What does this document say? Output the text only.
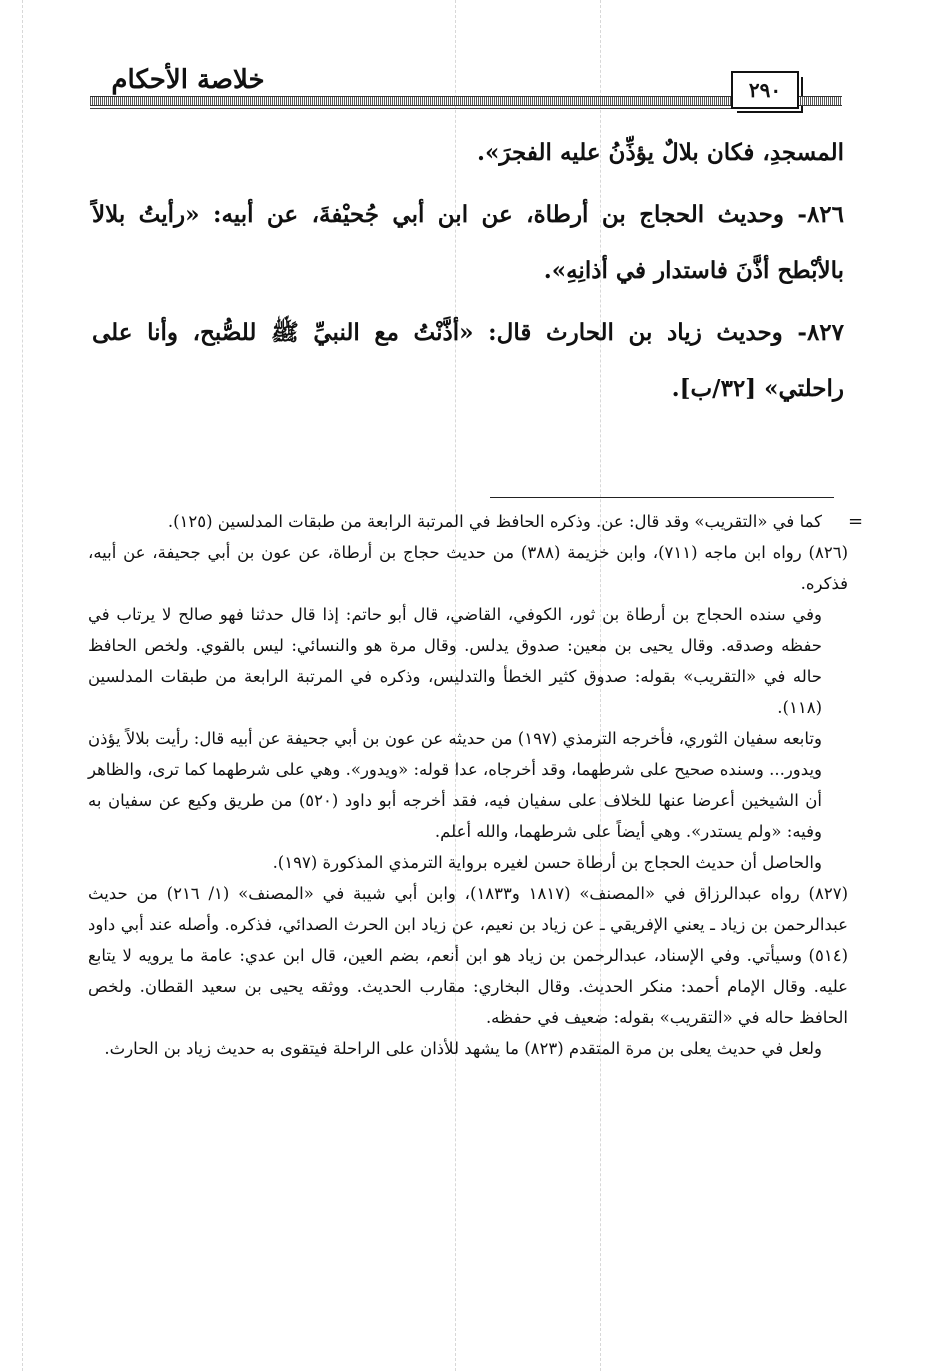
خلاصة الأحكام	٢٩٠

المسجدِ، فكان بلالٌ يؤذِّنُ عليه الفجرَ».

٨٢٦- وحديث الحجاج بن أرطاة، عن ابن أبي جُحيْفةَ، عن أبيه: «رأيتُ بلالاً بالأبْطح أذَّنَ فاستدار في أذانِهِ».

٨٢٧- وحديث زياد بن الحارث قال: «أذَّنْتُ مع النبيِّ ﷺ للصُّبح، وأنا على راحلتي» [٣٢/ب].

=

كما في «التقريب» وقد قال: عن. وذكره الحافظ في المرتبة الرابعة من طبقات المدلسين (١٢٥).

(٨٢٦) رواه ابن ماجه (٧١١)، وابن خزيمة (٣٨٨) من حديث حجاج بن أرطاة، عن عون بن أبي جحيفة، عن أبيه، فذكره.

وفي سنده الحجاج بن أرطاة بن ثور، الكوفي، القاضي، قال أبو حاتم: إذا قال حدثنا فهو صالح لا يرتاب في حفظه وصدقه. وقال يحيى بن معين: صدوق يدلس. وقال مرة هو والنسائي: ليس بالقوي. ولخص الحافظ حاله في «التقريب» بقوله: صدوق كثير الخطأ والتدليس، وذكره في المرتبة الرابعة من طبقات المدلسين (١١٨).

وتابعه سفيان الثوري، فأخرجه الترمذي (١٩٧) من حديثه عن عون بن أبي جحيفة عن أبيه قال: رأيت بلالاً يؤذن ويدور... وسنده صحيح على شرطهما، وقد أخرجاه، عدا قوله: «ويدور». وهي على شرطهما كما ترى، والظاهر أن الشيخين أعرضا عنها للخلاف على سفيان فيه، فقد أخرجه أبو داود (٥٢٠) من طريق وكيع عن سفيان به وفيه: «ولم يستدر». وهي أيضاً على شرطهما، والله أعلم.

والحاصل أن حديث الحجاج بن أرطاة حسن لغيره برواية الترمذي المذكورة (١٩٧).

(٨٢٧) رواه عبدالرزاق في «المصنف» (١٨١٧ و١٨٣٣)، وابن أبي شيبة في «المصنف» (١/ ٢١٦) من حديث عبدالرحمن بن زياد ـ يعني الإفريقي ـ عن زياد بن نعيم، عن زياد ابن الحرث الصدائي، فذكره. وأصله عند أبي داود (٥١٤) وسيأتي. وفي الإسناد، عبدالرحمن بن زياد هو ابن أنعم، بضم العين، قال ابن عدي: عامة ما يرويه لا يتابع عليه. وقال الإمام أحمد: منكر الحديث. وقال البخاري: مقارب الحديث. ووثقه يحيى بن سعيد القطان. ولخص الحافظ حاله في «التقريب» بقوله: ضعيف في حفظه.

ولعل في حديث يعلى بن مرة المتقدم (٨٢٣) ما يشهد للأذان على الراحلة فيتقوى به حديث زياد بن الحارث.
